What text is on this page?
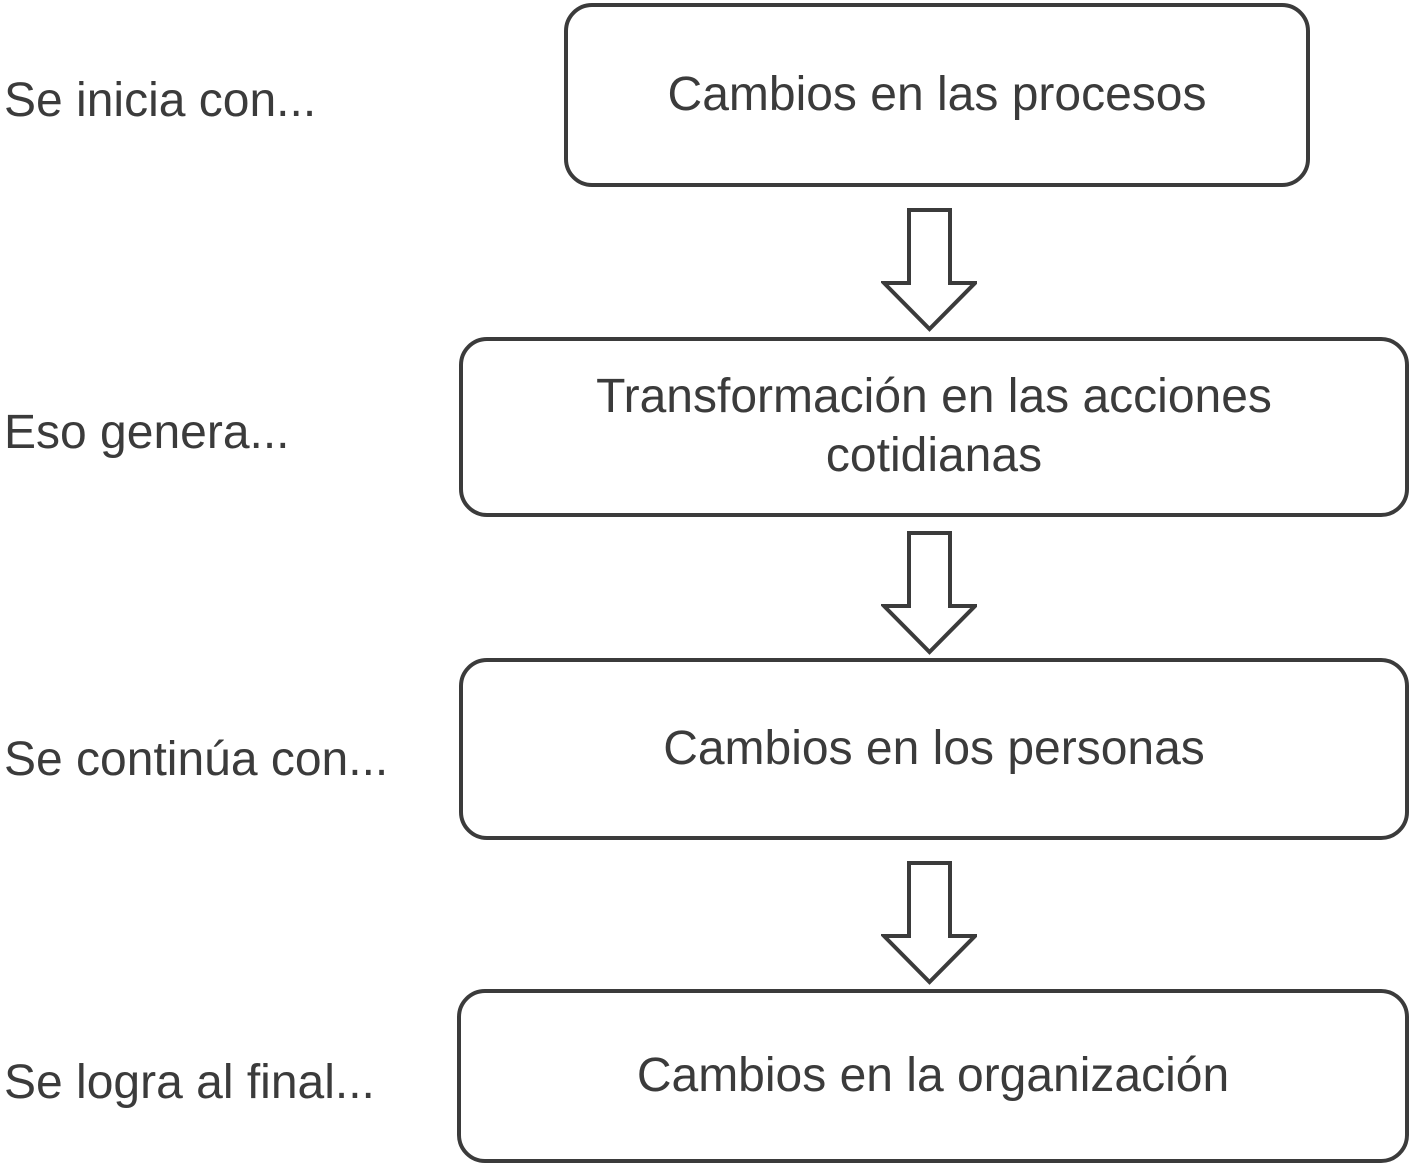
Se inicia con...
Eso genera...
Se continúa con...
Se logra al final...
Cambios en las procesos
Transformación en las acciones cotidianas
Cambios en los personas
Cambios en la organización
